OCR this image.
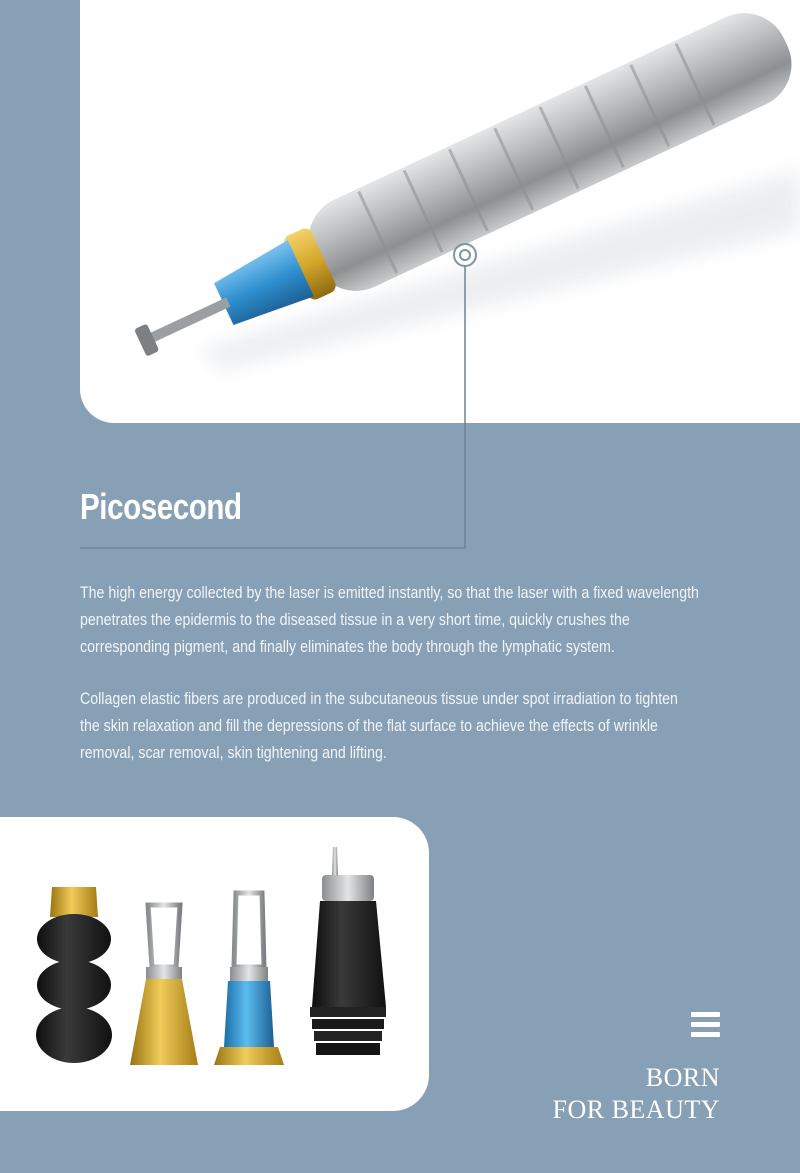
Picosecond

The high energy collected by the laser is emitted instantly, so that the laser with a fixed wavelength penetrates the epidermis to the diseased tissue in a very short time, quickly crushes the corresponding pigment, and finally eliminates the body through the lymphatic system.

Collagen elastic fibers are produced in the subcutaneous tissue under spot irradiation to tighten the skin relaxation and fill the depressions of the flat surface to achieve the effects of wrinkle removal, scar removal, skin tightening and lifting.

BORN
FOR BEAUTY
